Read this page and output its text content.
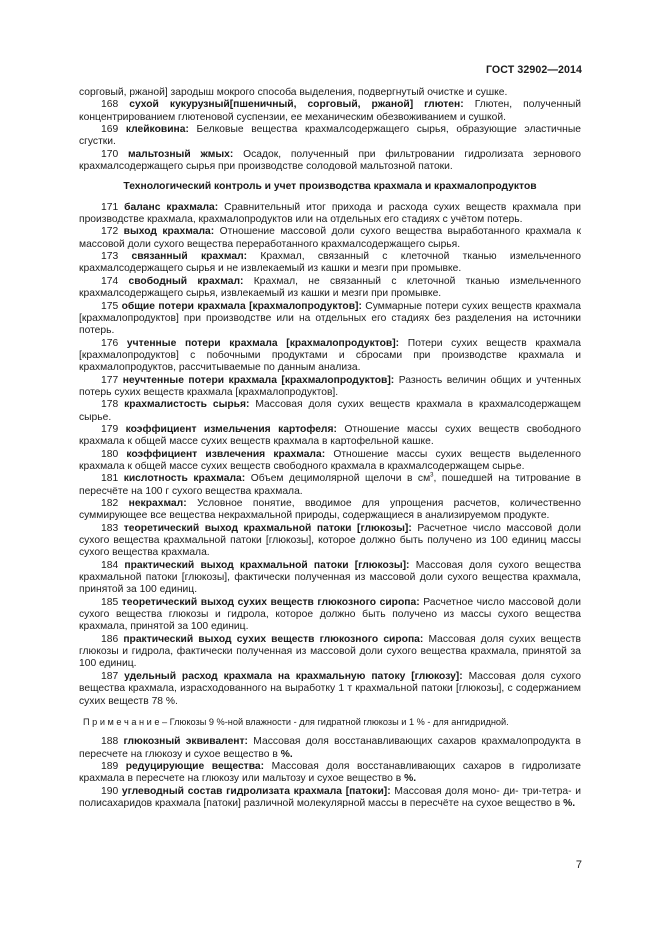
ГОСТ 32902—2014

сорговый, ржаной] зародыш мокрого способа выделения, подвергнутый очистке и сушке.

168 сухой кукурузный[пшеничный, сорговый, ржаной] глютен: Глютен, полученный концентрированием глютеновой суспензии, ее механическим обезвоживанием и сушкой.

169 клейковина: Белковые вещества крахмалсодержащего сырья, образующие эластичные сгустки.

170 мальтозный жмых: Осадок, полученный при фильтровании гидролизата зернового крахмалсодержащего сырья при производстве солодовой мальтозной патоки.

Технологический контроль и учет производства крахмала и крахмалопродуктов

171 баланс крахмала: Сравнительный итог прихода и расхода сухих веществ крахмала при производстве крахмала, крахмалопродуктов или на отдельных его стадиях с учётом потерь.

172 выход крахмала: Отношение массовой доли сухого вещества выработанного крахмала к массовой доли сухого вещества переработанного крахмалсодержащего сырья.

173 связанный крахмал: Крахмал, связанный с клеточной тканью измельченного крахмалсодержащего сырья и не извлекаемый из кашки и мезги при промывке.

174 свободный крахмал: Крахмал, не связанный с клеточной тканью измельченного крахмалсодержащего сырья, извлекаемый из кашки и мезги при промывке.

175 общие потери крахмала [крахмалопродуктов]: Суммарные потери сухих веществ крахмала [крахмалопродуктов] при производстве или на отдельных его стадиях без разделения на источники потерь.

176 учтенные потери крахмала [крахмалопродуктов]: Потери сухих веществ крахмала [крахмалопродуктов] с побочными продуктами и сбросами при производстве крахмала и крахмалопродуктов, рассчитываемые по данным анализа.

177 неучтенные потери крахмала [крахмалопродуктов]: Разность величин общих и учтенных потерь сухих веществ крахмала [крахмалопродуктов].

178 крахмалистость сырья: Массовая доля сухих веществ крахмала в крахмалсодержащем сырье.

179 коэффициент измельчения картофеля: Отношение массы сухих веществ свободного крахмала к общей массе сухих веществ крахмала в картофельной кашке.

180 коэффициент извлечения крахмала: Отношение массы сухих веществ выделенного крахмала к общей массе сухих веществ свободного крахмала в крахмалсодержащем сырье.

181 кислотность крахмала: Объем децимолярной щелочи в $см^3$, пошедшей на титрование в пересчёте на 100 г сухого вещества крахмала.

182 некрахмал: Условное понятие, вводимое для упрощения расчетов, количественно суммирующее все вещества некрахмальной природы, содержащиеся в анализируемом продукте.

183 теоретический выход крахмальной патоки [глюкозы]: Расчетное число массовой доли сухого вещества крахмальной патоки [глюкозы], которое должно быть получено из 100 единиц массы сухого вещества крахмала.

184 практический выход крахмальной патоки [глюкозы]: Массовая доля сухого вещества крахмальной патоки [глюкозы], фактически полученная из массовой доли сухого вещества крахмала, принятой за 100 единиц.

185 теоретический выход сухих веществ глюкозного сиропа: Расчетное число массовой доли сухого вещества глюкозы и гидрола, которое должно быть получено из массы сухого вещества крахмала, принятой за 100 единиц.

186 практический выход сухих веществ глюкозного сиропа: Массовая доля сухих веществ глюкозы и гидрола, фактически полученная из массовой доли сухого вещества крахмала, принятой за 100 единиц.

187 удельный расход крахмала на крахмальную патоку [глюкозу]: Массовая доля сухого вещества крахмала, израсходованного на выработку 1 т крахмальной патоки [глюкозы], с содержанием сухих веществ 78 %.

П р и м е ч а н и е – Глюкозы 9 %-ной влажности - для гидратной глюкозы и 1 % - для ангидридной.

188 глюкозный эквивалент: Массовая доля восстанавливающих сахаров крахмалопродукта в пересчете на глюкозу и сухое вещество в %.

189 редуцирующие вещества: Массовая доля восстанавливающих сахаров в гидролизате крахмала в пересчете на глюкозу или мальтозу и сухое вещество в %.

190 углеводный состав гидролизата крахмала [патоки]: Массовая доля моно- ди- три-тетра- и полисахаридов крахмала [патоки] различной молекулярной массы в пересчёте на сухое вещество в %.

7
